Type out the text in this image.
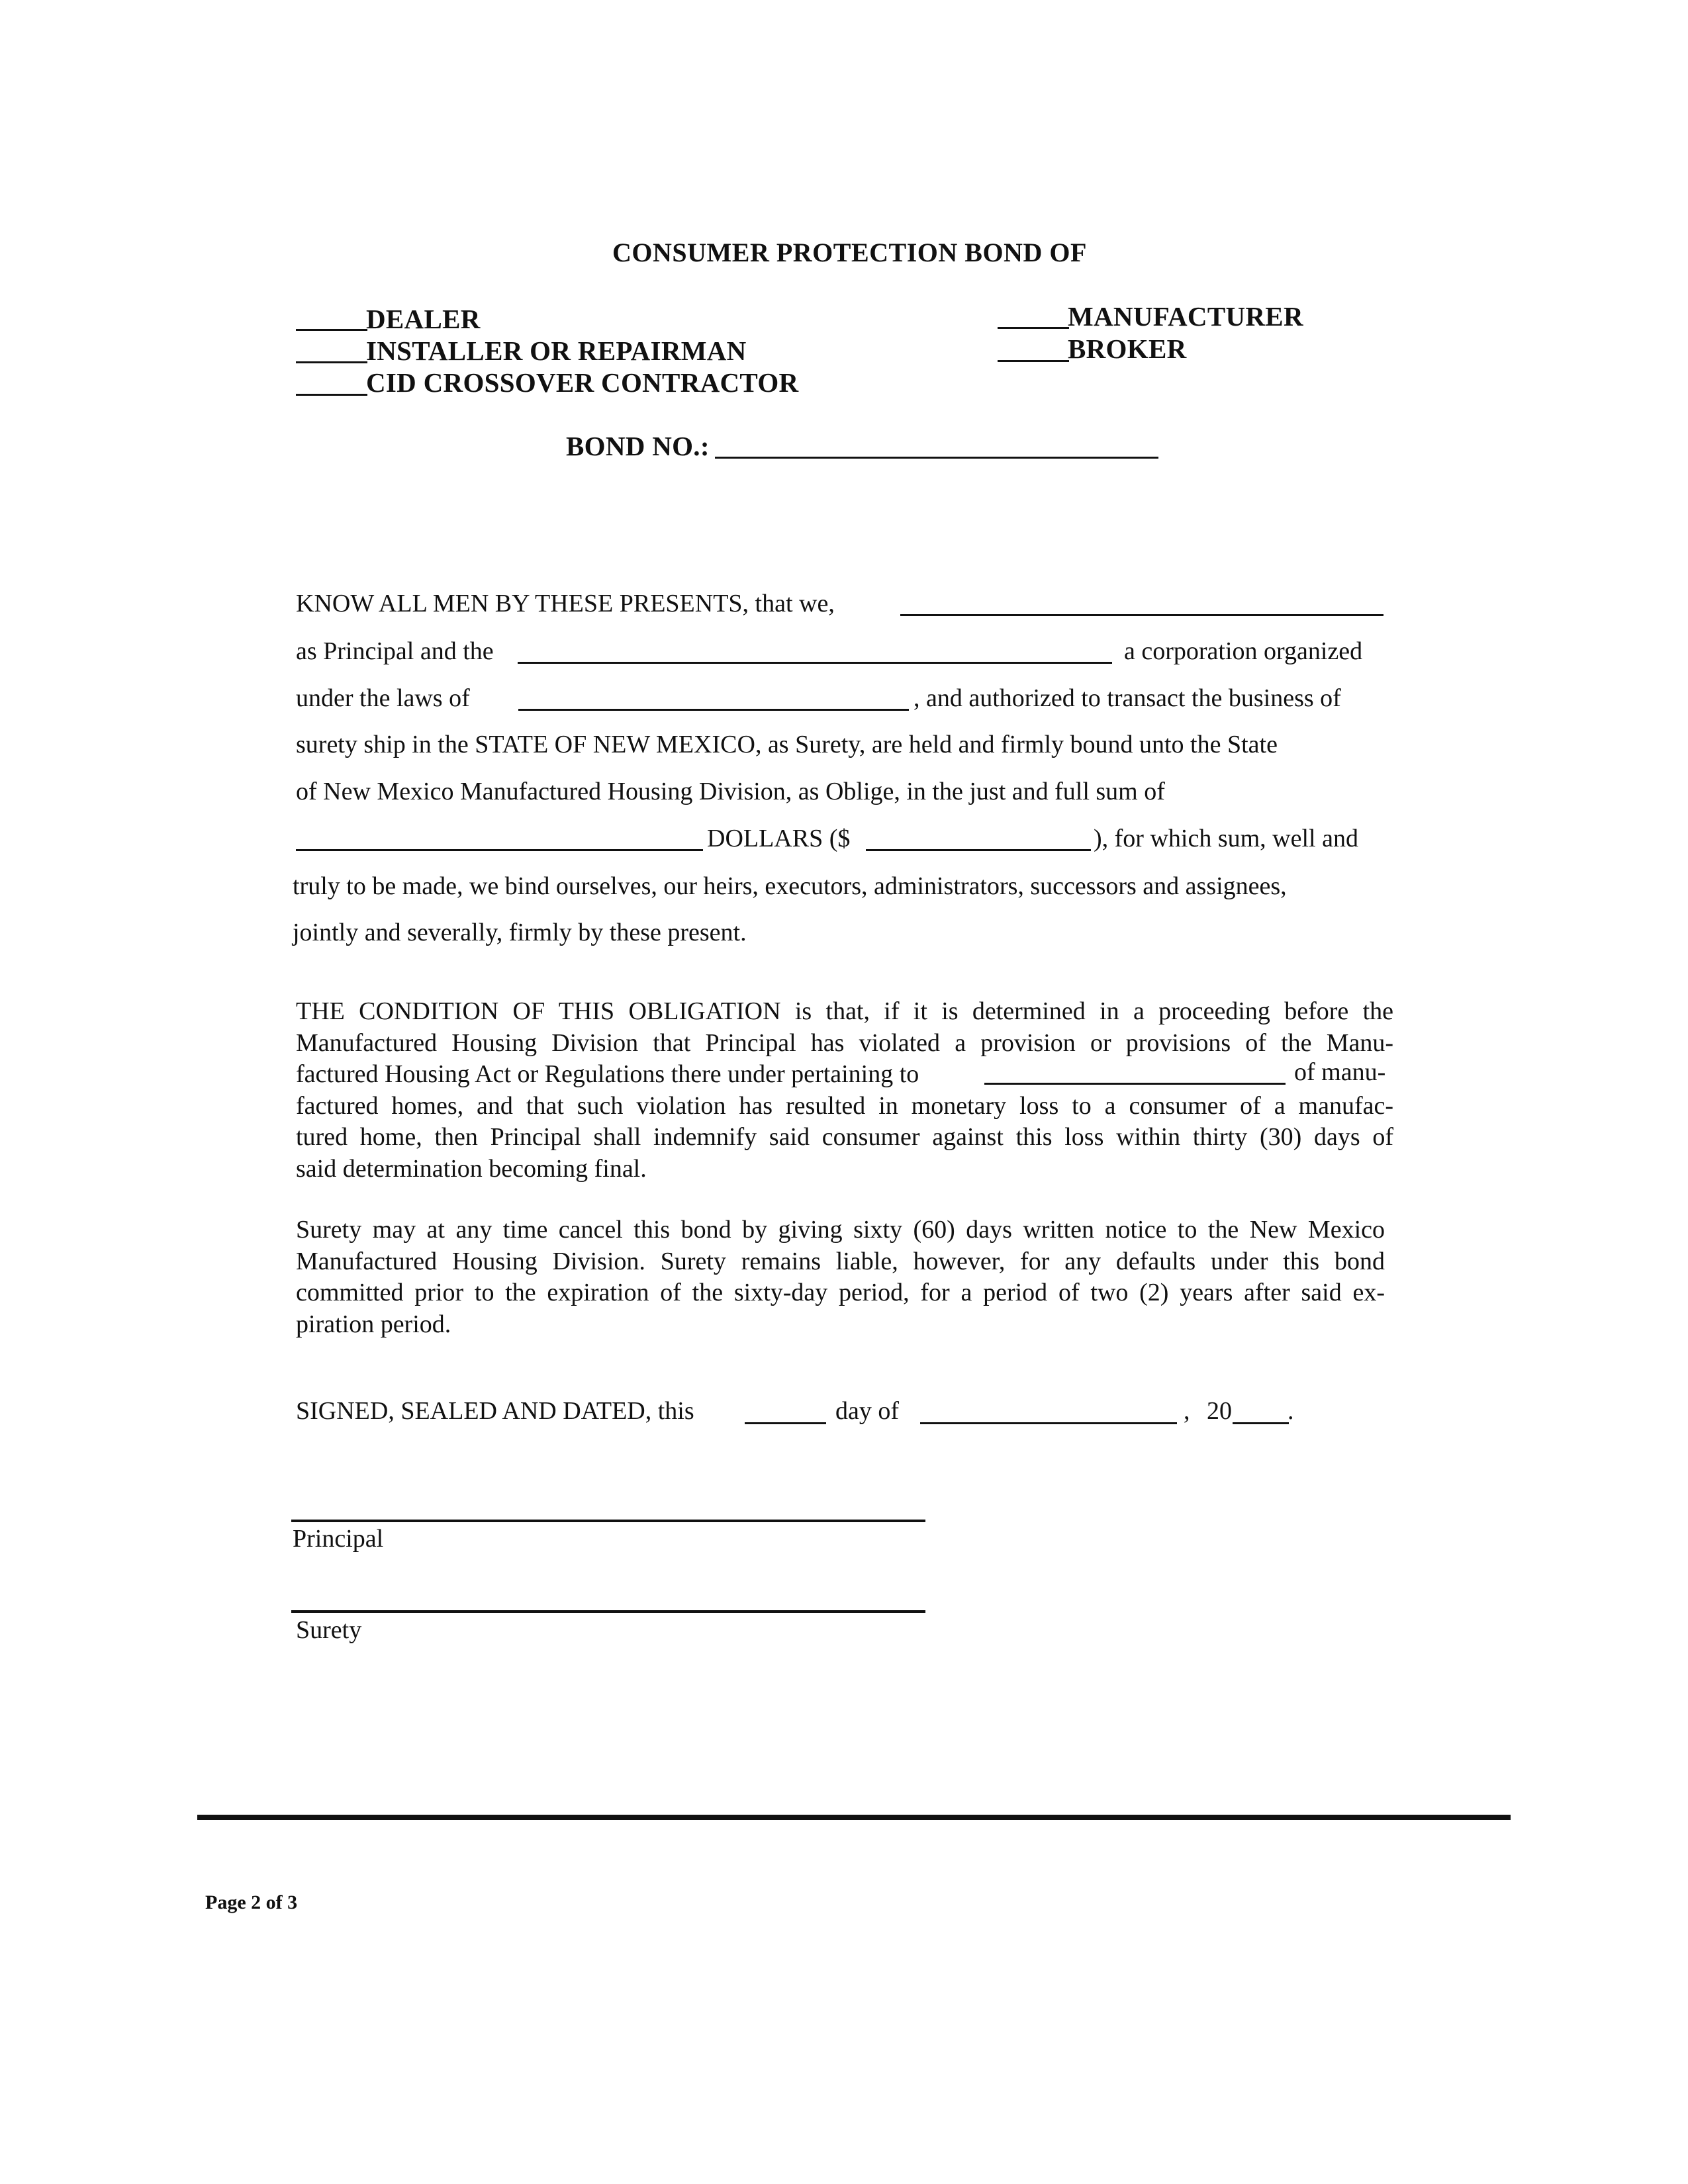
CONSUMER PROTECTION BOND OF
DEALER
INSTALLER OR REPAIRMAN
CID CROSSOVER CONTRACTOR
MANUFACTURER
BROKER
BOND NO.:
KNOW ALL MEN BY THESE PRESENTS, that we,
as Principal and the	a corporation organized
under the laws of	, and authorized to transact the business of
surety ship in the STATE OF NEW MEXICO, as Surety, are held and firmly bound unto the State
of New Mexico Manufactured Housing Division, as Oblige, in the just and full sum of
DOLLARS ($	), for which sum, well and
truly to be made, we bind ourselves, our heirs, executors, administrators, successors and assignees,
jointly and severally, firmly by these present.
THE CONDITION OF THIS OBLIGATION is that, if it is determined in a proceeding before the
Manufactured Housing Division that Principal has violated a provision or provisions of the Manu-
factured Housing Act or Regulations there under pertaining to
factured homes, and that such violation has resulted in monetary loss to a consumer of a manufac-
tured home, then Principal shall indemnify said consumer against this loss within thirty (30) days of
said determination becoming final.
of manu-
Surety may at any time cancel this bond by giving sixty (60) days written notice to the New Mexico
Manufactured Housing Division. Surety remains liable, however, for any defaults under this bond
committed prior to the expiration of the sixty-day period, for a period of two (2) years after said ex-
piration period.
SIGNED, SEALED AND DATED, this	day of	, 20 .
Principal
Surety
Page 2 of 3
